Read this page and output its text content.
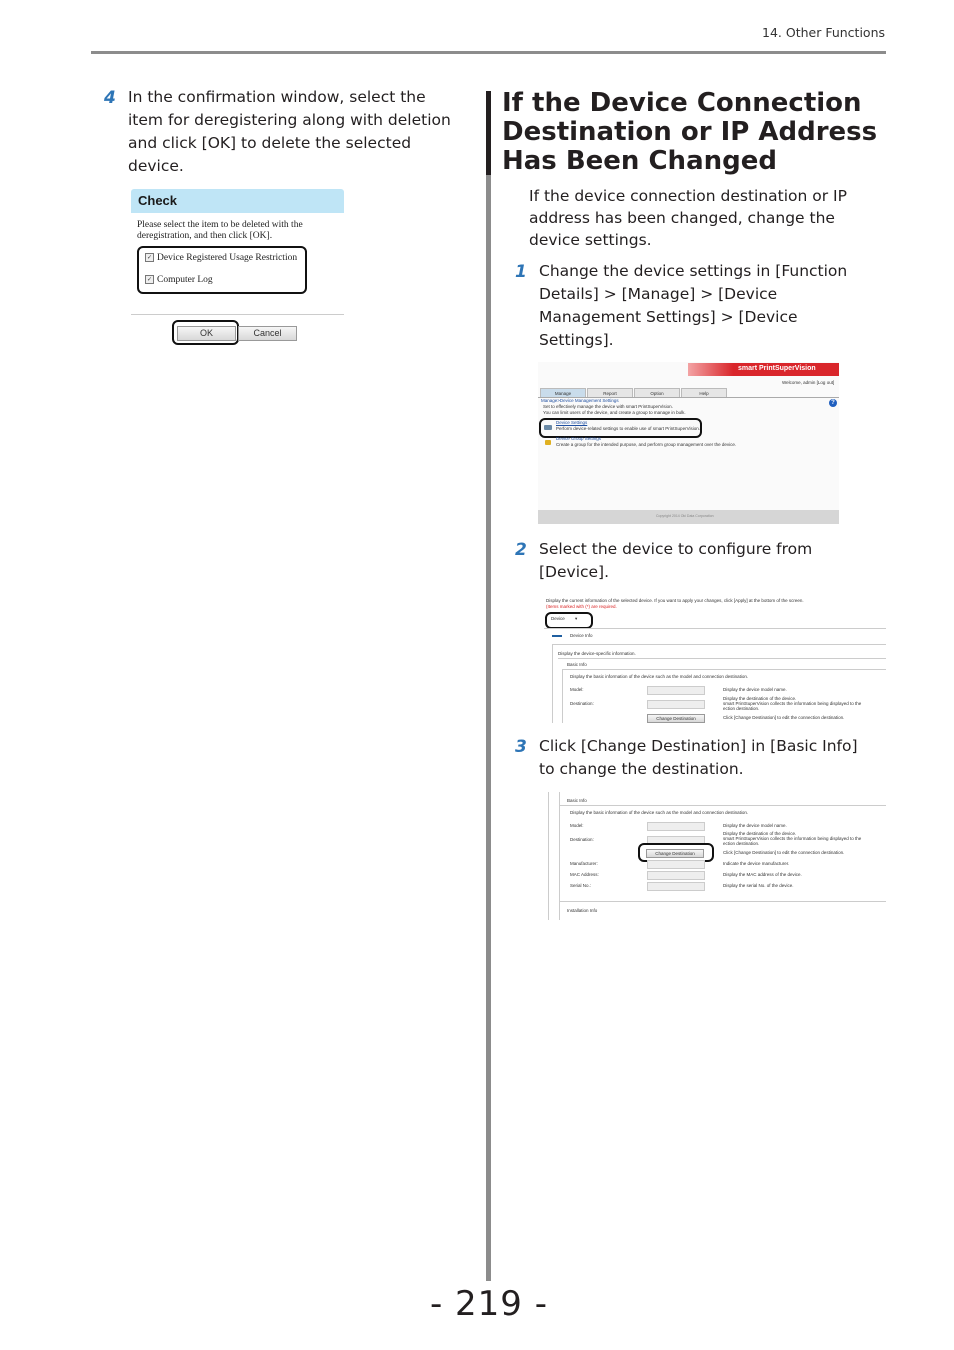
14. Other Functions
4 In the confirmation window, select the
item for deregistering along with deletion
and click [OK] to delete the selected
device.
Check
Please select the item to be deleted with the
deregistration, and then click [OK].
✓ Device Registered Usage Restriction
✓ Computer Log
OK	Cancel
If the Device Connection
Destination or IP Address
Has Been Changed
If the device connection destination or IP
address has been changed, change the
device settings.
1 Change the device settings in [Function
Details] > [Manage] > [Device
Management Settings] > [Device
Settings].
smart PrintSuperVision
Welcome, admin [Log out]
Manage	Report	Option	Help
Manage>Device Management Settings
Set to effectively manage the device with smart PrintSuperVision.
You can limit users of the device, and create a group to manage in bulk.
?
Device Settings
Perform device-related settings to enable use of smart PrintSuperVision.
Device Group Settings
Create a group for the intended purpose, and perform group management over the device.
Copyright 2014 Oki Data Corporation
2 Select the device to configure from
[Device].
Display the current information of the selected device. If you want to apply your changes, click [Apply] at the bottom of the screen.
(Items marked with (*) are required.
Device ▾
Device Info
Display the device-specific information.
Basic Info
Display the basic information of the device such as the model and connection destination.
Model:	Display the device model name.
Destination:
Display the destination of the device.
smart PrintSuperVision collects the information being displayed to the
ection destination.
Change Destination	Click [Change Destination] to edit the connection destination.
3 Click [Change Destination] in [Basic Info]
to change the destination.
Basic Info
Display the basic information of the device such as the model and connection destination.
Model:	Display the device model name.
Destination:
Display the destination of the device.
smart PrintSuperVision collects the information being displayed to the
ection destination.
Change Destination	Click [Change Destination] to edit the connection destination.
Manufacturer:	Indicate the device manufacturer.
MAC Address:	Display the MAC address of the device.
Serial No.:	Display the serial No. of the device.
Installation Info
- 219 -
